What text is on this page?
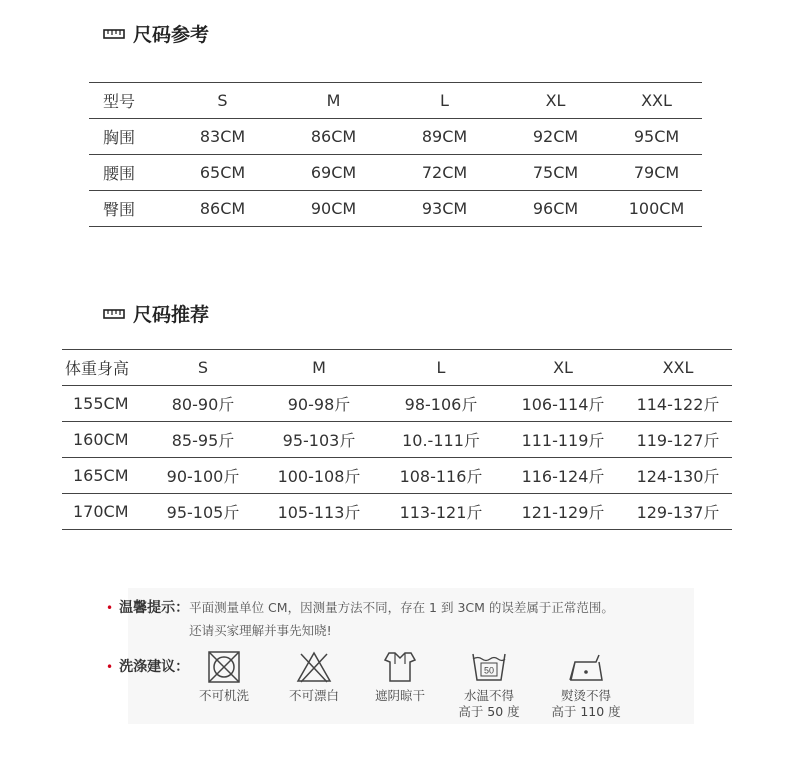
尺码参考
型号	S	M	L	XL	XXL
胸围	83CM	86CM	89CM	92CM	95CM
腰围	65CM	69CM	72CM	75CM	79CM
臀围	86CM	90CM	93CM	96CM	100CM
尺码推荐
体重身高	S	M	L	XL	XXL
155CM	80-90斤	90-98斤	98-106斤	106-114斤	114-122斤
160CM	85-95斤	95-103斤	10.-111斤	111-119斤	119-127斤
165CM	90-100斤	100-108斤	108-116斤	116-124斤	124-130斤
170CM	95-105斤	105-113斤	113-121斤	121-129斤	129-137斤
• 温馨提示： 平面测量单位 CM，因测量方法不同，存在 1 到 3CM 的误差属于正常范围。
还请买家理解并事先知晓!
• 洗涤建议：
不可机洗	不可漂白	遮阴晾干
50
水温不得
高于 50 度
熨烫不得
高于 110 度
